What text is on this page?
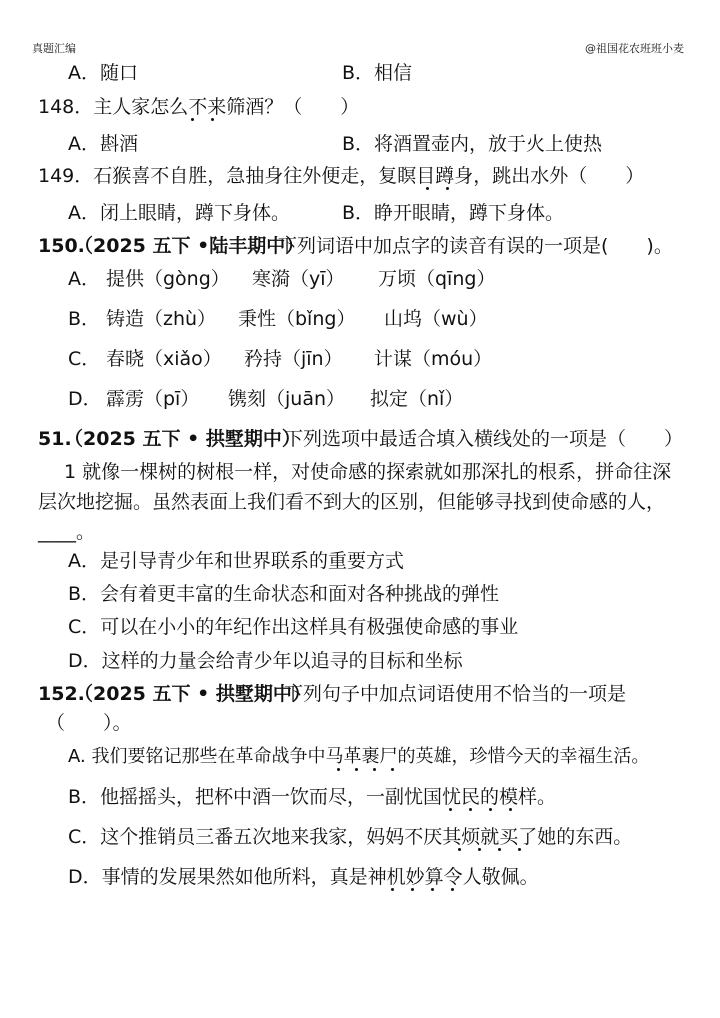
真题汇编	@祖国花农班班小麦
A．随口	B．相信
148．主人家怎么不来筛酒？（　　）
A．斟酒	B．将酒置壶内，放于火上使热
149．石猴喜不自胜，急抽身往外便走，复瞑目蹲身，跳出水外（　　）
A．闭上眼睛，蹲下身体。	B．睁开眼睛，蹲下身体。
150.
（2025 五下 •陆丰期中）
下列词语中加点字的读音有误的一项是(　　)。
A． 提供（gòng） 寒漪（yī） 万顷（qīng）
B． 铸造（zhù） 秉性（bǐng） 山坞（wù）
C． 春晓（xiǎo） 矜持（jīn） 计谋（móu）
D． 霹雳（pī） 镌刻（juān） 拟定（nǐ）
51.
（2025 五下 • 拱墅期中）
下列选项中最适合填入横线处的一项是（　　）
1 就像一棵树的树根一样，对使命感的探索就如那深扎的根系，拼命往深
层次地挖掘。虽然表面上我们看不到大的区别，但能够寻找到使命感的人，
____。
A．是引导青少年和世界联系的重要方式
B．会有着更丰富的生命状态和面对各种挑战的弹性
C．可以在小小的年纪作出这样具有极强使命感的事业
D．这样的力量会给青少年以追寻的目标和坐标
152.
（2025 五下 • 拱墅期中）
下列句子中加点词语使用不恰当的一项是
（　　）。
A. 我们要铭记那些在革命战争中马革裹尸的英雄，珍惜今天的幸福生活。
B．他摇摇头，把杯中酒一饮而尽，一副忧国忧民的模样。
C．这个推销员三番五次地来我家，妈妈不厌其烦就买了她的东西。
D．事情的发展果然如他所料，真是神机妙算令人敬佩。
